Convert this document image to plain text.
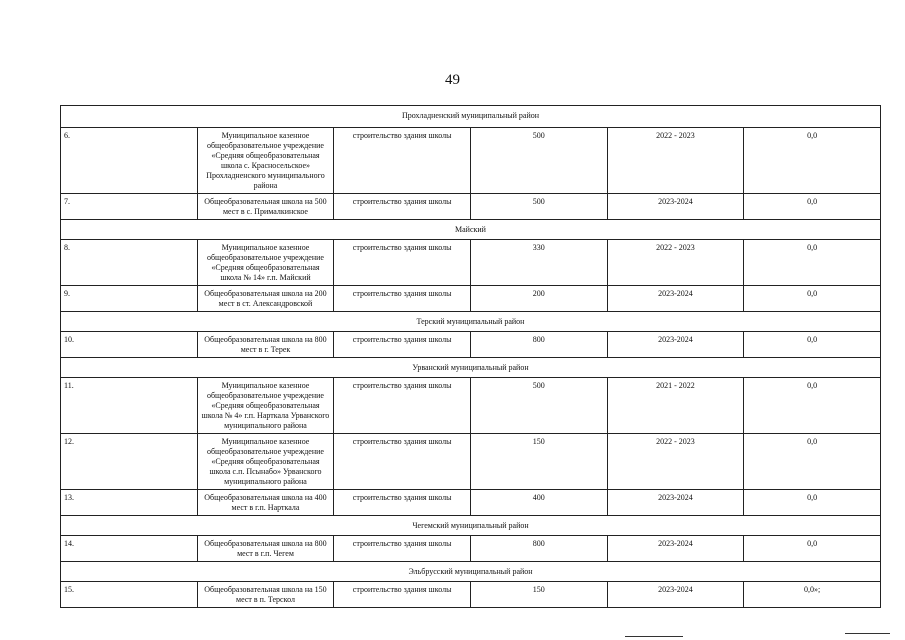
49
Прохладненский муниципальный район					
6.	Муниципальное казенное общеобразовательное учреждение «Средняя общеобразовательная школа с. Красносельское» Прохладненского муниципального района	строительство здания школы	500	2022 - 2023	0,0
7.	Общеобразовательная школа на 500 мест в с. Прималкинское	строительство здания школы	500	2023-2024	0,0
Майский					
8.	Муниципальное казенное общеобразовательное учреждение «Средняя общеобразовательная школа № 14» г.п. Майский	строительство здания школы	330	2022 - 2023	0,0
9.	Общеобразовательная школа на 200 мест в ст. Александровской	строительство здания школы	200	2023-2024	0,0
Терский муниципальный район					
10.	Общеобразовательная школа на 800 мест в г. Терек	строительство здания школы	800	2023-2024	0,0
Урванский муниципальный район					
11.	Муниципальное казенное общеобразовательное учреждение «Средняя общеобразовательная школа № 4» г.п. Нарткала Урванского муниципального района	строительство здания школы	500	2021 - 2022	0,0
12.	Муниципальное казенное общеобразовательное учреждение «Средняя общеобразовательная школа с.п. Псынабо» Урванского муниципального района	строительство здания школы	150	2022 - 2023	0,0
13.	Общеобразовательная школа на 400 мест в г.п. Нарткала	строительство здания школы	400	2023-2024	0,0
Чегемский муниципальный район					
14.	Общеобразовательная школа на 800 мест в г.п. Чегем	строительство здания школы	800	2023-2024	0,0
Эльбрусский муниципальный район					
15.	Общеобразовательная школа на 150 мест в п. Терскол	строительство здания школы	150	2023-2024	0,0»;
